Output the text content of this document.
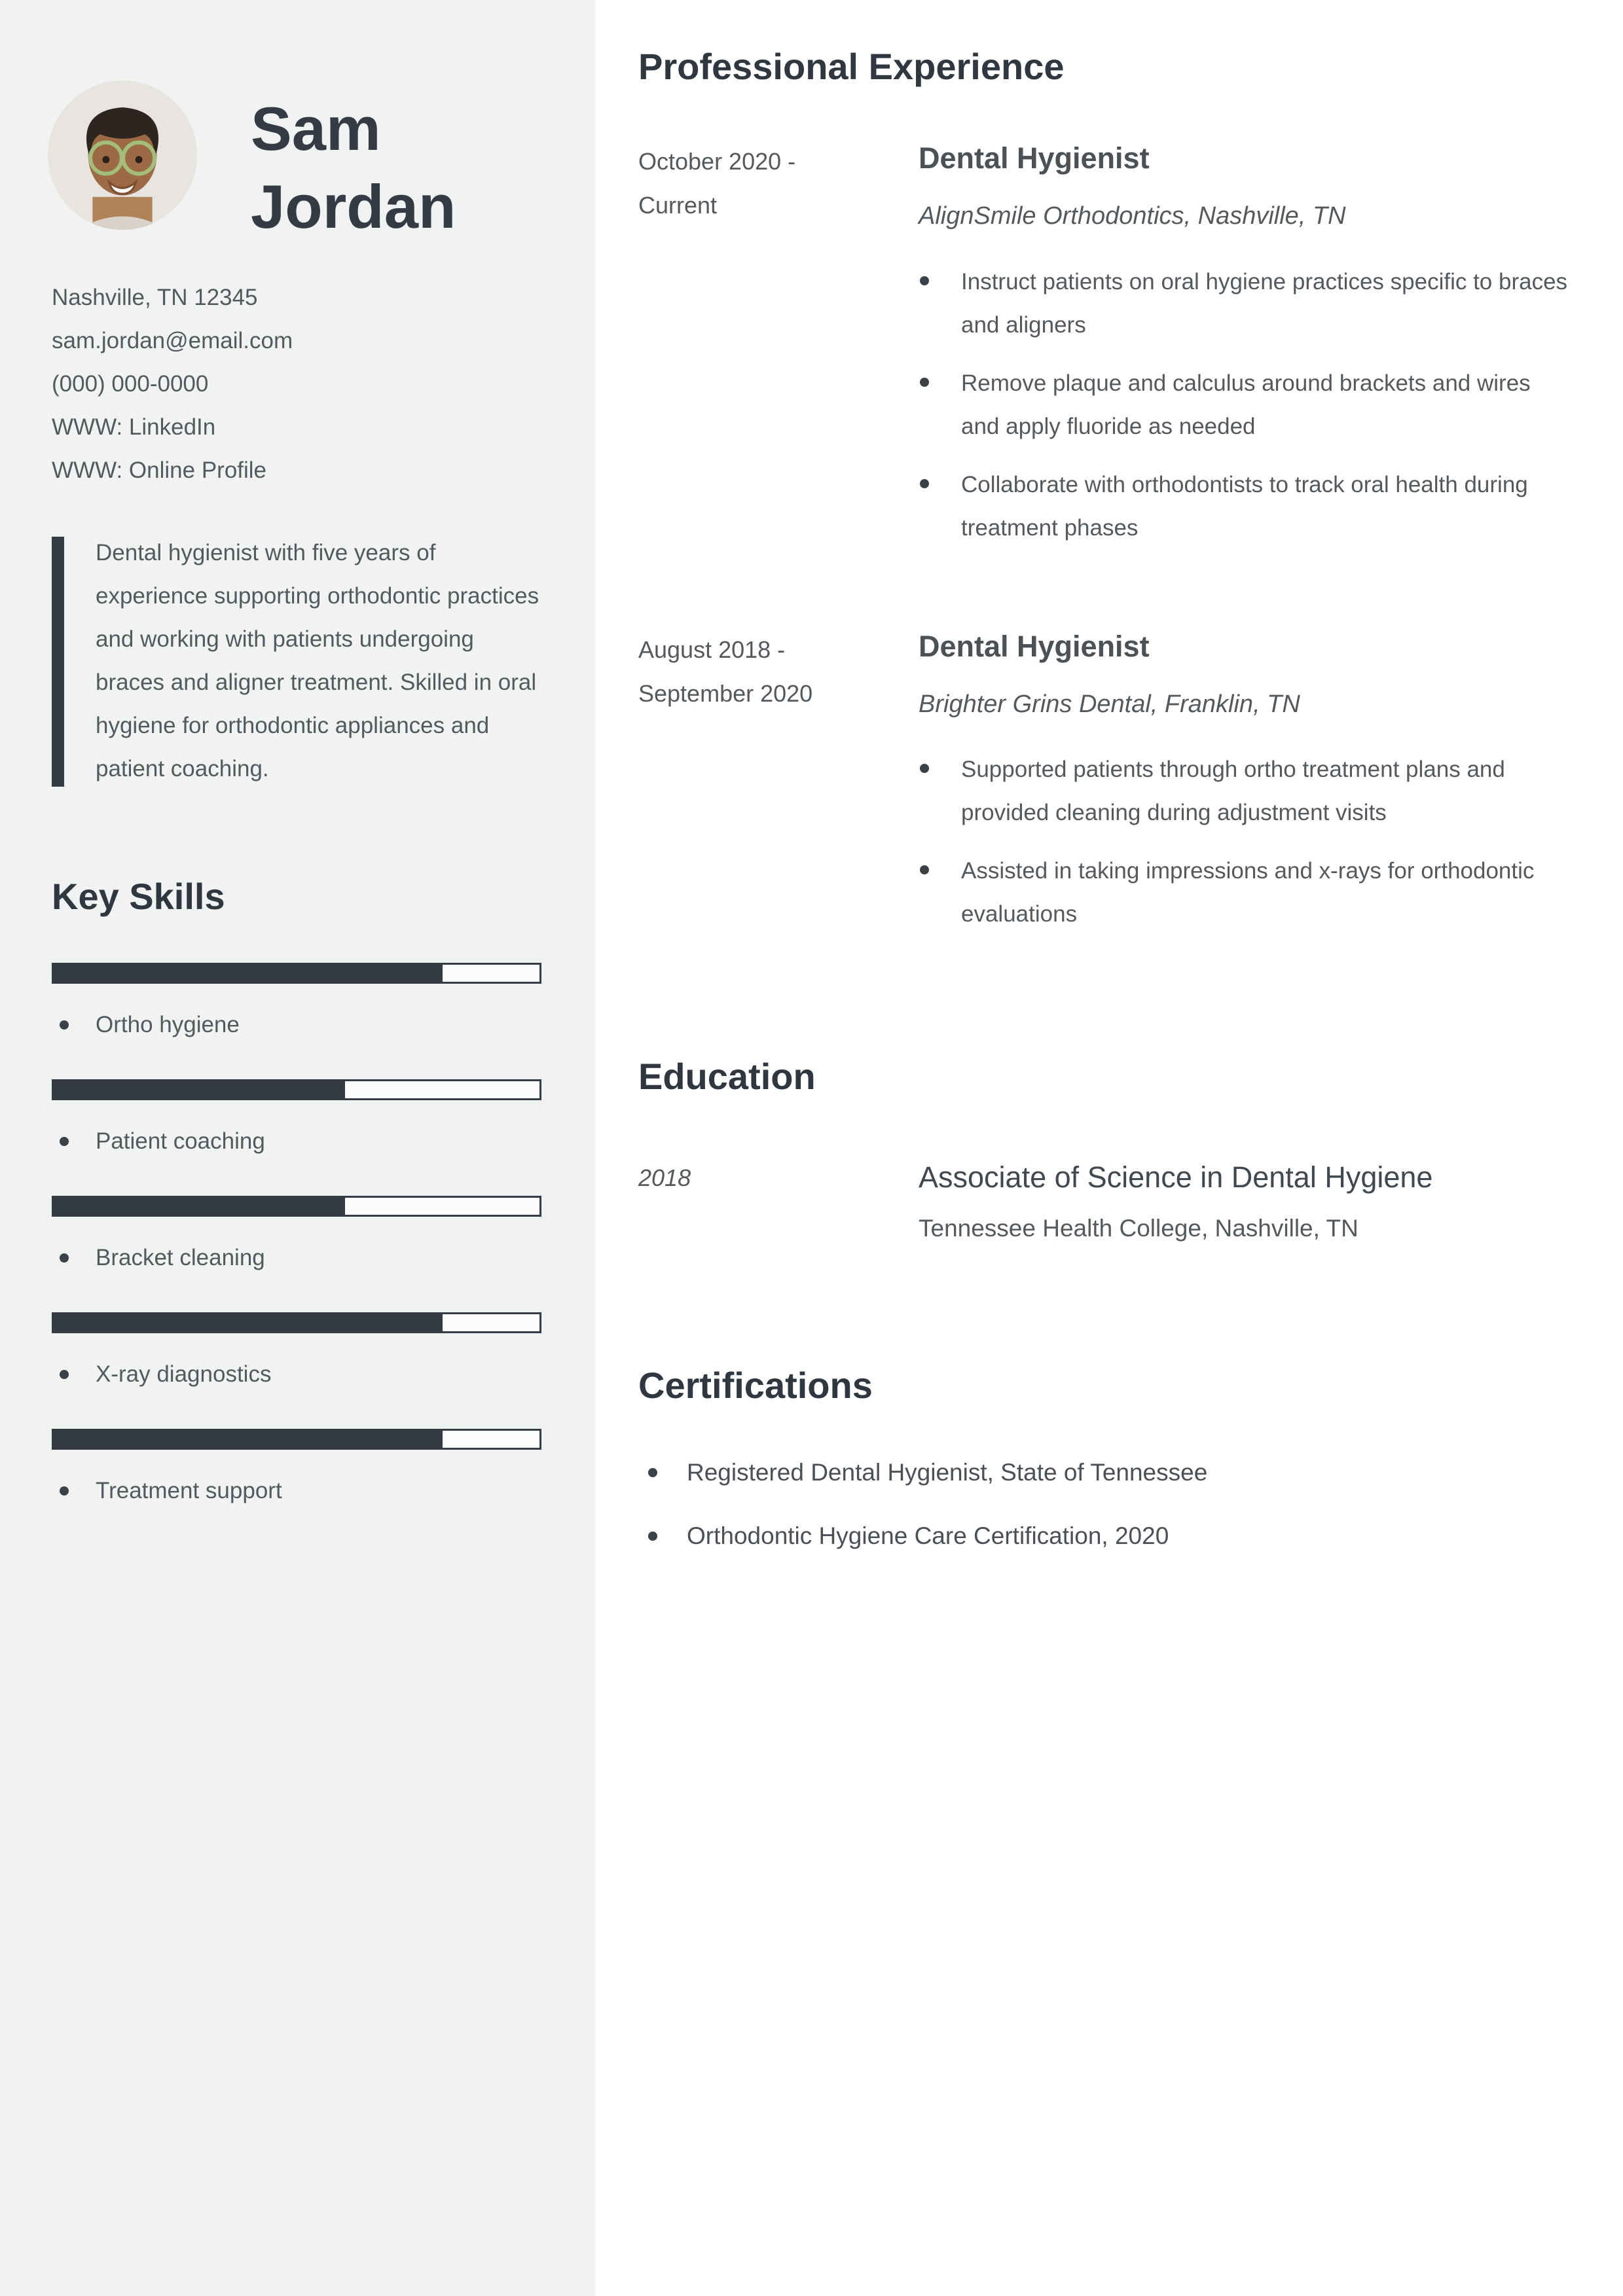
Sam
Jordan
Nashville, TN 12345
sam.jordan@email.com
(000) 000-0000
WWW: LinkedIn
WWW: Online Profile

Dental hygienist with five years of experience supporting orthodontic practices and working with patients undergoing braces and aligner treatment. Skilled in oral hygiene for orthodontic appliances and patient coaching.

Key Skills
Ortho hygiene
Patient coaching
Bracket cleaning
X-ray diagnostics
Treatment support
Professional Experience
October 2020 -
Current
Dental Hygienist
AlignSmile Orthodontics, Nashville, TN
Instruct patients on oral hygiene practices specific to braces and aligners
Remove plaque and calculus around brackets and wires and apply fluoride as needed
Collaborate with orthodontists to track oral health during treatment phases
August 2018 -
September 2020
Dental Hygienist
Brighter Grins Dental, Franklin, TN
Supported patients through ortho treatment plans and provided cleaning during adjustment visits
Assisted in taking impressions and x-rays for orthodontic evaluations
Education
2018	Associate of Science in Dental Hygiene
Tennessee Health College, Nashville, TN
Certifications
Registered Dental Hygienist, State of Tennessee
Orthodontic Hygiene Care Certification, 2020
